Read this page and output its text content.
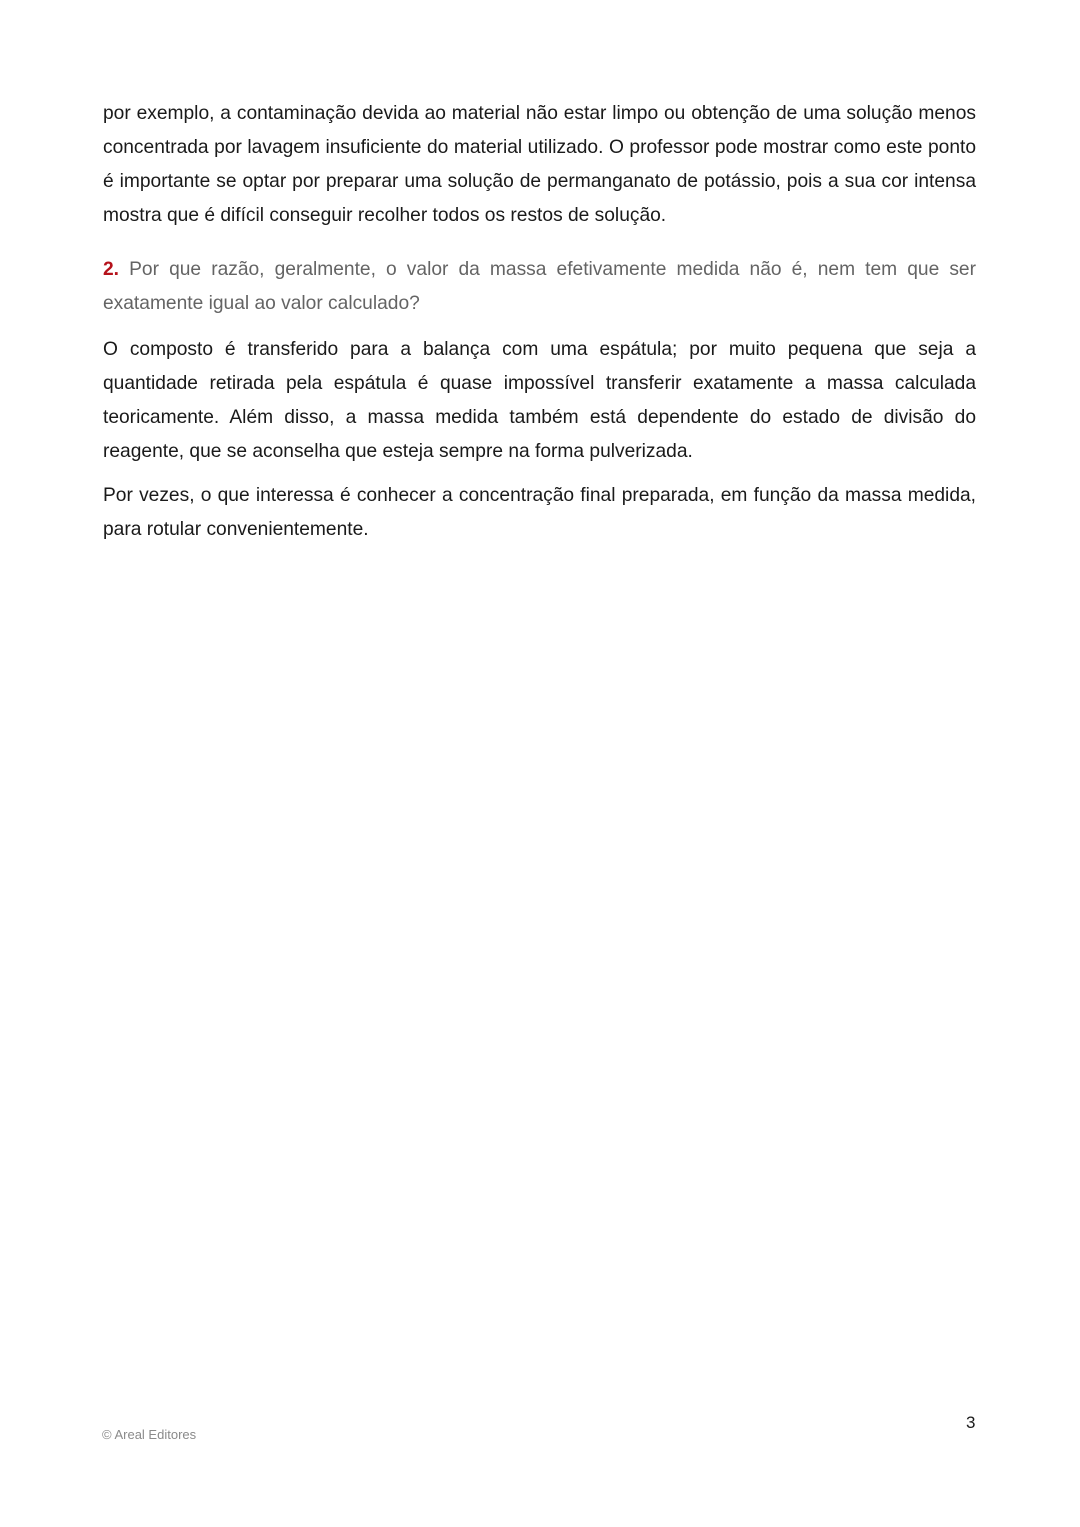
por exemplo, a contaminação devida ao material não estar limpo ou obtenção de uma solução menos concentrada por lavagem insuficiente do material utilizado. O professor pode mostrar como este ponto é importante se optar por preparar uma solução de permanganato de potássio, pois a sua cor intensa mostra que é difícil conseguir recolher todos os restos de solução.

2. Por que razão, geralmente, o valor da massa efetivamente medida não é, nem tem que ser exatamente igual ao valor calculado?

O composto é transferido para a balança com uma espátula; por muito pequena que seja a quantidade retirada pela espátula é quase impossível transferir exatamente a massa calculada teoricamente. Além disso, a massa medida também está dependente do estado de divisão do reagente, que se aconselha que esteja sempre na forma pulverizada.

Por vezes, o que interessa é conhecer a concentração final preparada, em função da massa medida, para rotular convenientemente.

© Areal Editores
3
